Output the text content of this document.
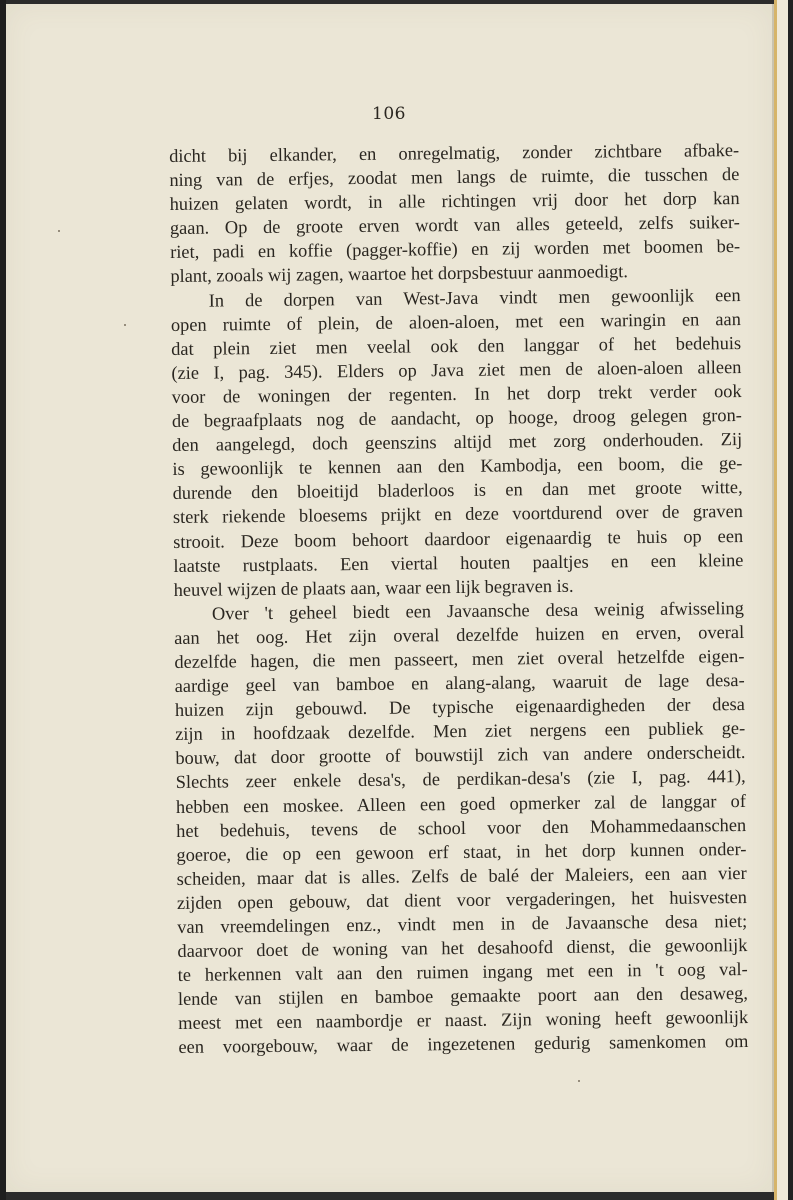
106

dicht bij elkander, en onregelmatig, zonder zichtbare afbake-
ning van de erfjes, zoodat men langs de ruimte, die tusschen de
huizen gelaten wordt, in alle richtingen vrij door het dorp kan
gaan. Op de groote erven wordt van alles geteeld, zelfs suiker-
riet, padi en koffie (pagger-koffie) en zij worden met boomen be-
plant, zooals wij zagen, waartoe het dorpsbestuur aanmoedigt.

In de dorpen van West-Java vindt men gewoonlijk een
open ruimte of plein, de aloen-aloen, met een waringin en aan
dat plein ziet men veelal ook den langgar of het bedehuis
(zie I, pag. 345). Elders op Java ziet men de aloen-aloen alleen
voor de woningen der regenten. In het dorp trekt verder ook
de begraafplaats nog de aandacht, op hooge, droog gelegen gron-
den aangelegd, doch geenszins altijd met zorg onderhouden. Zij
is gewoonlijk te kennen aan den Kambodja, een boom, die ge-
durende den bloeitijd bladerloos is en dan met groote witte,
sterk riekende bloesems prijkt en deze voortdurend over de graven
strooit. Deze boom behoort daardoor eigenaardig te huis op een
laatste rustplaats. Een viertal houten paaltjes en een kleine
heuvel wijzen de plaats aan, waar een lijk begraven is.

Over 't geheel biedt een Javaansche desa weinig afwisseling
aan het oog. Het zijn overal dezelfde huizen en erven, overal
dezelfde hagen, die men passeert, men ziet overal hetzelfde eigen-
aardige geel van bamboe en alang-alang, waaruit de lage desa-
huizen zijn gebouwd. De typische eigenaardigheden der desa
zijn in hoofdzaak dezelfde. Men ziet nergens een publiek ge-
bouw, dat door grootte of bouwstijl zich van andere onderscheidt.
Slechts zeer enkele desa's, de perdikan-desa's (zie I, pag. 441),
hebben een moskee. Alleen een goed opmerker zal de langgar of
het bedehuis, tevens de school voor den Mohammedaanschen
goeroe, die op een gewoon erf staat, in het dorp kunnen onder-
scheiden, maar dat is alles. Zelfs de balé der Maleiers, een aan vier
zijden open gebouw, dat dient voor vergaderingen, het huisvesten
van vreemdelingen enz., vindt men in de Javaansche desa niet;
daarvoor doet de woning van het desahoofd dienst, die gewoonlijk
te herkennen valt aan den ruimen ingang met een in 't oog val-
lende van stijlen en bamboe gemaakte poort aan den desaweg,
meest met een naambordje er naast. Zijn woning heeft gewoonlijk
een voorgebouw, waar de ingezetenen gedurig samenkomen om
